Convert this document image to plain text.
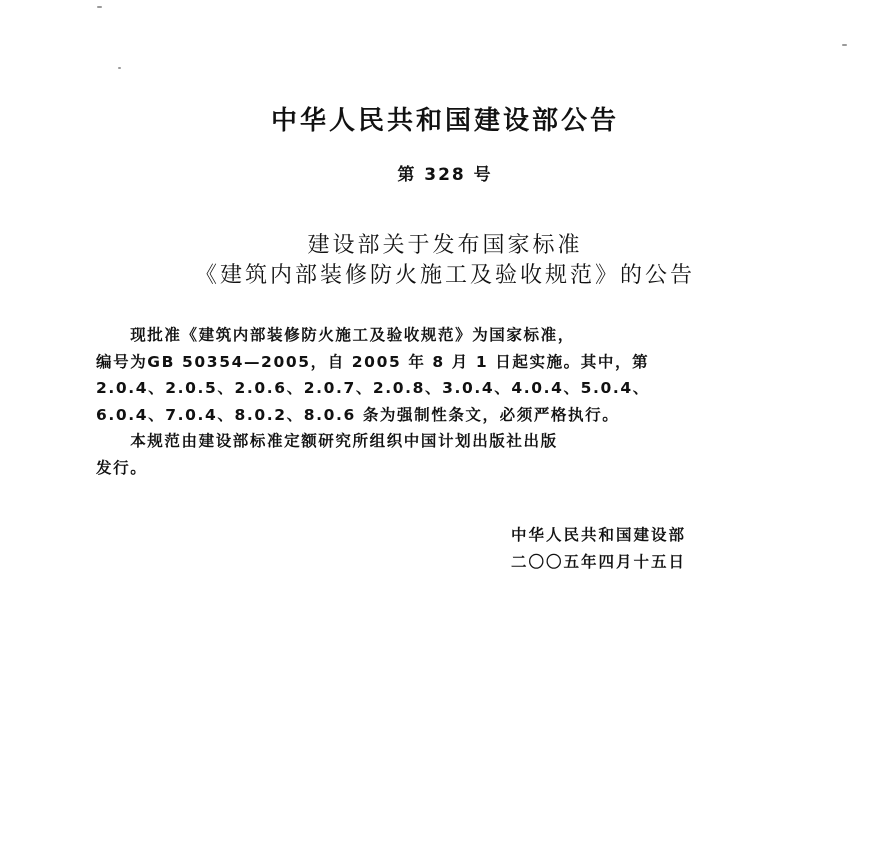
中华人民共和国建设部公告
第 328 号
建设部关于发布国家标准
《建筑内部装修防火施工及验收规范》的公告
　　现批准《建筑内部装修防火施工及验收规范》为国家标准，
编号为GB 50354—2005，自 2005 年 8 月 1 日起实施。其中，第
2.0.4、2.0.5、2.0.6、2.0.7、2.0.8、3.0.4、4.0.4、5.0.4、
6.0.4、7.0.4、8.0.2、8.0.6 条为强制性条文，必须严格执行。
　　本规范由建设部标准定额研究所组织中国计划出版社出版
发行。
中华人民共和国建设部
二〇〇五年四月十五日
